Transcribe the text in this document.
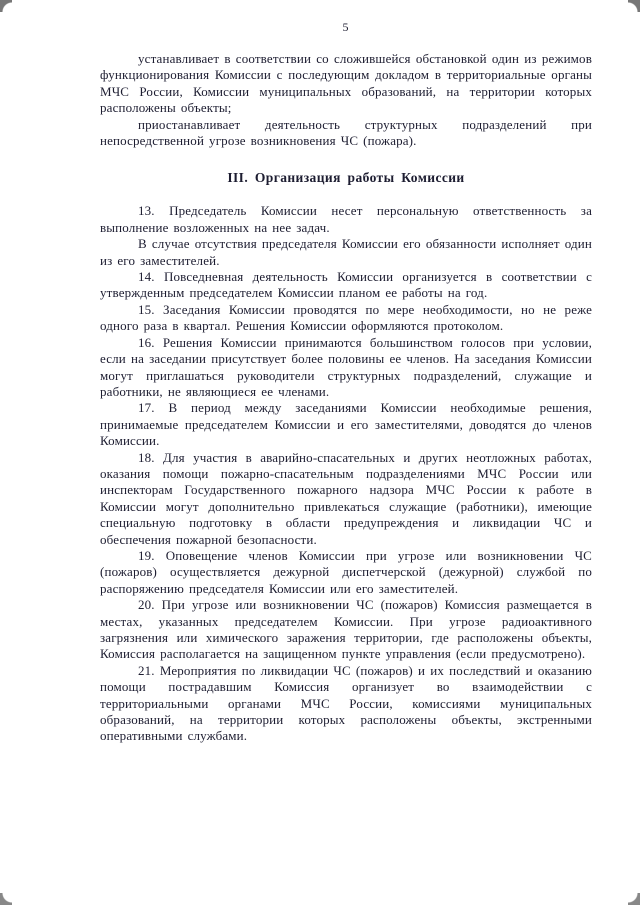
5

устанавливает в соответствии со сложившейся обстановкой один из режимов функционирования Комиссии с последующим докладом в территориальные органы МЧС России, Комиссии муниципальных образований, на территории которых расположены объекты;

приостанавливает деятельность структурных подразделений при непосредственной угрозе возникновения ЧС (пожара).

III. Организация работы Комиссии

13. Председатель Комиссии несет персональную ответственность за выполнение возложенных на нее задач.

В случае отсутствия председателя Комиссии его обязанности исполняет один из его заместителей.

14. Повседневная деятельность Комиссии организуется в соответствии с утвержденным председателем Комиссии планом ее работы на год.

15. Заседания Комиссии проводятся по мере необходимости, но не реже одного раза в квартал. Решения Комиссии оформляются протоколом.

16. Решения Комиссии принимаются большинством голосов при условии, если на заседании присутствует более половины ее членов. На заседания Комиссии могут приглашаться руководители структурных подразделений, служащие и работники, не являющиеся ее членами.

17. В период между заседаниями Комиссии необходимые решения, принимаемые председателем Комиссии и его заместителями, доводятся до членов Комиссии.

18. Для участия в аварийно-спасательных и других неотложных работах, оказания помощи пожарно-спасательным подразделениями МЧС России или инспекторам Государственного пожарного надзора МЧС России к работе в Комиссии могут дополнительно привлекаться служащие (работники), имеющие специальную подготовку в области предупреждения и ликвидации ЧС и обеспечения пожарной безопасности.

19. Оповещение членов Комиссии при угрозе или возникновении ЧС (пожаров) осуществляется дежурной диспетчерской (дежурной) службой по распоряжению председателя Комиссии или его заместителей.

20. При угрозе или возникновении ЧС (пожаров) Комиссия размещается в местах, указанных председателем Комиссии. При угрозе радиоактивного загрязнения или химического заражения территории, где расположены объекты, Комиссия располагается на защищенном пункте управления (если предусмотрено).

21. Мероприятия по ликвидации ЧС (пожаров) и их последствий и оказанию помощи пострадавшим Комиссия организует во взаимодействии с территориальными органами МЧС России, комиссиями муниципальных образований, на территории которых расположены объекты, экстренными оперативными службами.
